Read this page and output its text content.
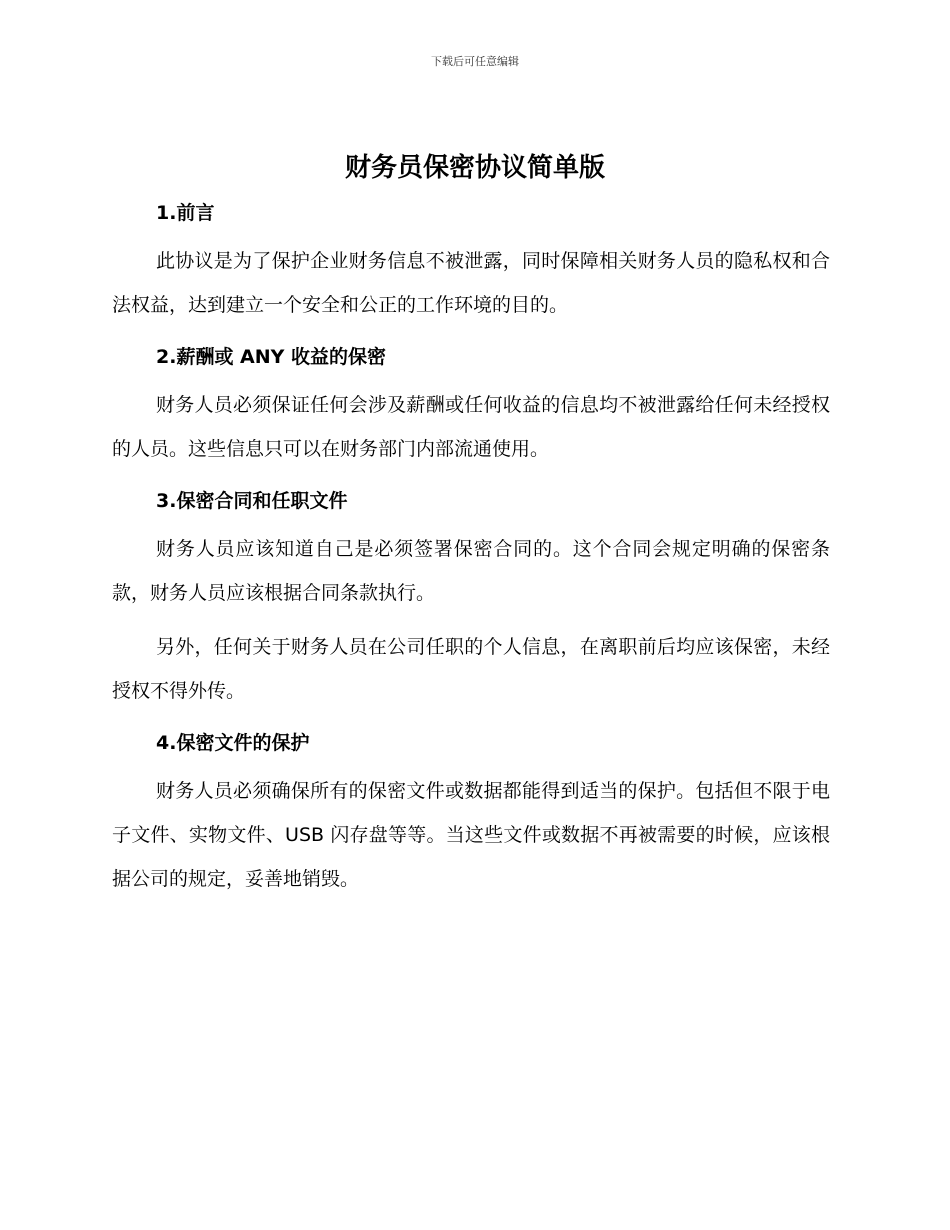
下载后可任意编辑
财务员保密协议简单版
1.前言

此协议是为了保护企业财务信息不被泄露，同时保障相关财务人员的隐私权和合法权益，达到建立一个安全和公正的工作环境的目的。

2.薪酬或 ANY 收益的保密

财务人员必须保证任何会涉及薪酬或任何收益的信息均不被泄露给任何未经授权的人员。这些信息只可以在财务部门内部流通使用。

3.保密合同和任职文件

财务人员应该知道自己是必须签署保密合同的。这个合同会规定明确的保密条款，财务人员应该根据合同条款执行。

另外，任何关于财务人员在公司任职的个人信息，在离职前后均应该保密，未经授权不得外传。

4.保密文件的保护

财务人员必须确保所有的保密文件或数据都能得到适当的保护。包括但不限于电子文件、实物文件、USB 闪存盘等等。当这些文件或数据不再被需要的时候，应该根据公司的规定，妥善地销毁。
